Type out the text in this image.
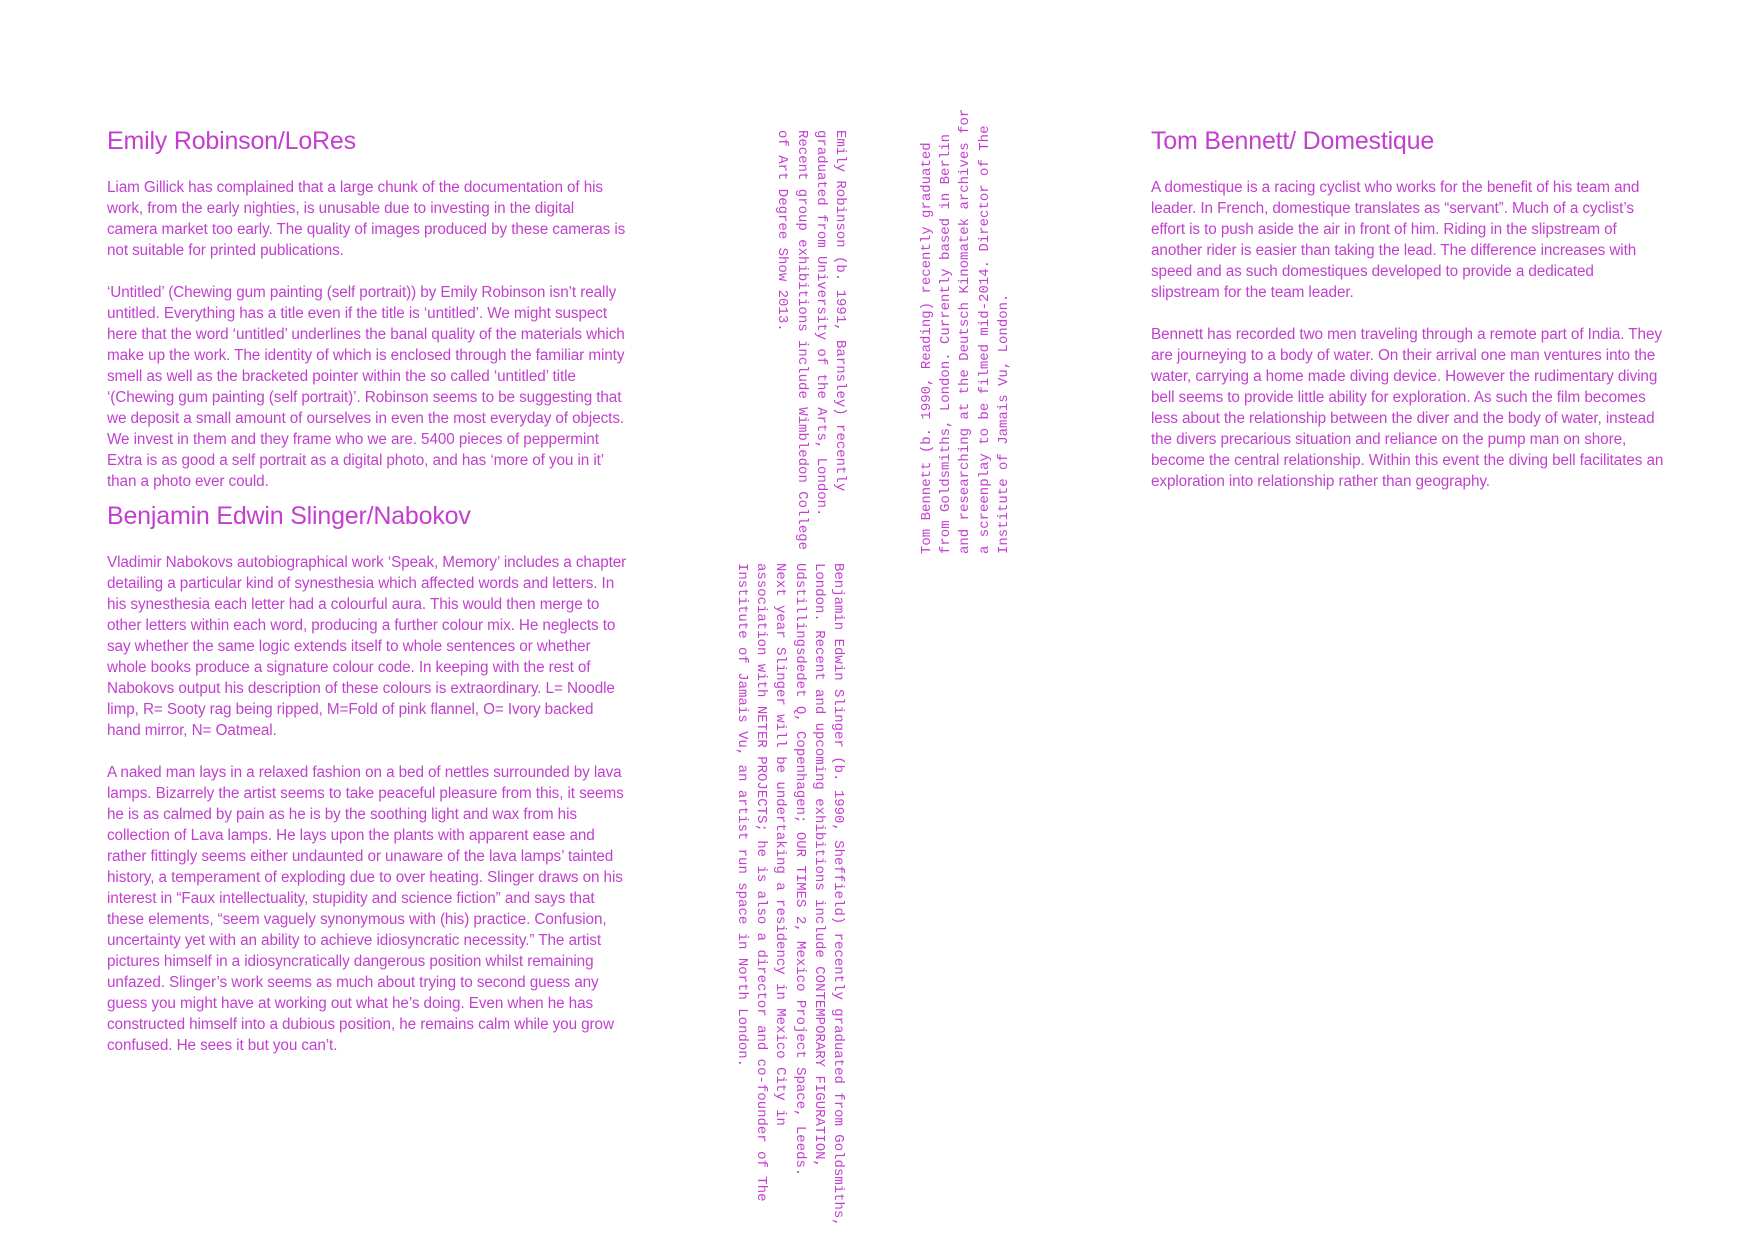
Emily Robinson/LoRes

Liam Gillick has complained that a large chunk of the documentation of his work, from the early nighties, is unusable due to investing in the digital camera market too early. The quality of images produced by these cameras is not suitable for printed publications.

‘Untitled’ (Chewing gum painting (self portrait)) by Emily Robinson isn’t really untitled. Everything has a title even if the title is ‘untitled’. We might suspect here that the word ‘untitled’ underlines the banal quality of the materials which make up the work. The identity of which is enclosed through the familiar minty smell as well as the bracketed pointer within the so called ‘untitled’ title ‘(Chewing gum painting (self portrait)’. Robinson seems to be suggesting that we deposit a small amount of ourselves in even the most everyday of objects. We invest in them and they frame who we are. 5400 pieces of peppermint Extra is as good a self portrait as a digital photo, and has ‘more of you in it’ than a photo ever could.

Benjamin Edwin Slinger/Nabokov

Vladimir Nabokovs autobiographical work ‘Speak, Memory’ includes a chapter detailing a particular kind of synesthesia which affected words and letters. In his synesthesia each letter had a colourful aura. This would then merge to other letters within each word, producing a further colour mix. He neglects to say whether the same logic extends itself to whole sentences or whether whole books produce a signature colour code. In keeping with the rest of Nabokovs output his description of these colours is extraordinary. L= Noodle limp, R= Sooty rag being ripped, M=Fold of pink flannel, O= Ivory backed hand mirror, N= Oatmeal.

A naked man lays in a relaxed fashion on a bed of nettles surrounded by lava lamps. Bizarrely the artist seems to take peaceful pleasure from this, it seems he is as calmed by pain as he is by the soothing light and wax from his collection of Lava lamps. He lays upon the plants with apparent ease and rather fittingly seems either undaunted or unaware of the lava lamps’ tainted history, a temperament of exploding due to over heating. Slinger draws on his interest in “Faux intellectuality, stupidity and science fiction” and says that these elements, “seem vaguely synonymous with (his) practice. Confusion, uncertainty yet with an ability to achieve idiosyncratic necessity.” The artist pictures himself in a idiosyncratically dangerous position whilst remaining unfazed. Slinger’s work seems as much about trying to second guess any guess you might have at working out what he’s doing. Even when he has constructed himself into a dubious position, he remains calm while you grow confused. He sees it but you can’t.

Emily Robinson (b. 1991, Barnsley) recently
graduated from University of the Arts, London.
Recent group exhibitions include Wimbledon College
of Art Degree Show 2013.
Benjamin Edwin Slinger (b. 1990, Sheffield) recently graduated from Goldsmiths,
London. Recent and upcoming exhibitions include CONTEMPORARY FIGURATION,
Udstillingsdedet Q, Copenhagen; OUR TIMES 2, Mexico Project Space, Leeds.
Next year Slinger will be undertaking a residency in Mexico City in
association with NETER PROJECTS; he is also a director and co-founder of The
Institute of Jamais Vu, an artist run space in North London.
Tom Bennett (b. 1990, Reading) recently graduated
from Goldsmiths, London. Currently based in Berlin
and researching at the Deutsch Kinomatek archives for
a screenplay to be filmed mid-2014. Director of The
Institute of Jamais Vu, London.
Tom Bennett/ Domestique

A domestique is a racing cyclist who works for the benefit of his team and leader. In French, domestique translates as “servant”. Much of a cyclist’s effort is to push aside the air in front of him. Riding in the slipstream of another rider is easier than taking the lead. The difference increases with speed and as such domestiques developed to provide a dedicated slipstream for the team leader.

Bennett has recorded two men traveling through a remote part of India. They are journeying to a body of water. On their arrival one man ventures into the water, carrying a home made diving device. However the rudimentary diving bell seems to provide little ability for exploration. As such the film becomes less about the relationship between the diver and the body of water, instead the divers precarious situation and reliance on the pump man on shore, become the central relationship. Within this event the diving bell facilitates an exploration into relationship rather than geography.
